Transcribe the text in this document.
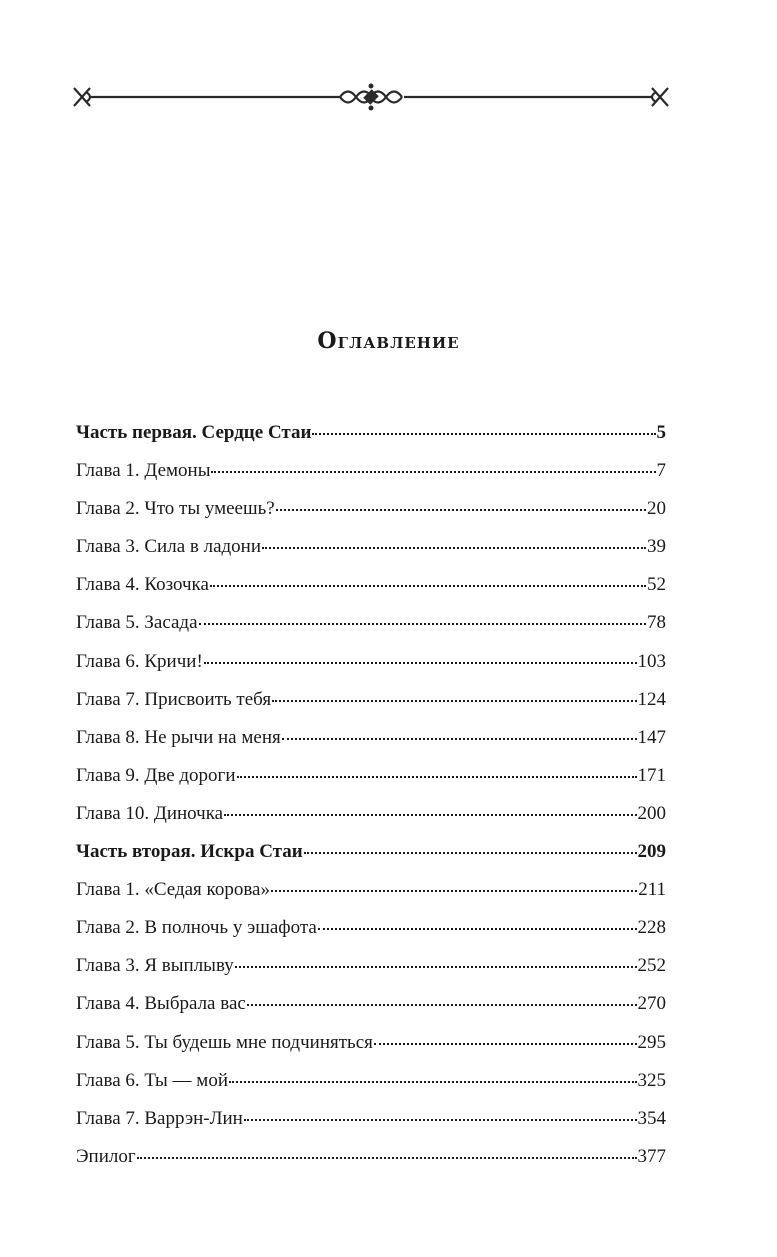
Оглавление
Часть первая. Сердце Стаи	5
Глава 1. Демоны	7
Глава 2. Что ты умеешь?	20
Глава 3. Сила в ладони	39
Глава 4. Козочка	52
Глава 5. Засада	78
Глава 6. Кричи!	103
Глава 7. Присвоить тебя	124
Глава 8. Не рычи на меня	147
Глава 9. Две дороги	171
Глава 10. Диночка	200
Часть вторая. Искра Стаи	209
Глава 1. «Седая корова»	211
Глава 2. В полночь у эшафота	228
Глава 3. Я выплыву	252
Глава 4. Выбрала вас	270
Глава 5. Ты будешь мне подчиняться	295
Глава 6. Ты — мой	325
Глава 7. Варрэн-Лин	354
Эпилог	377
